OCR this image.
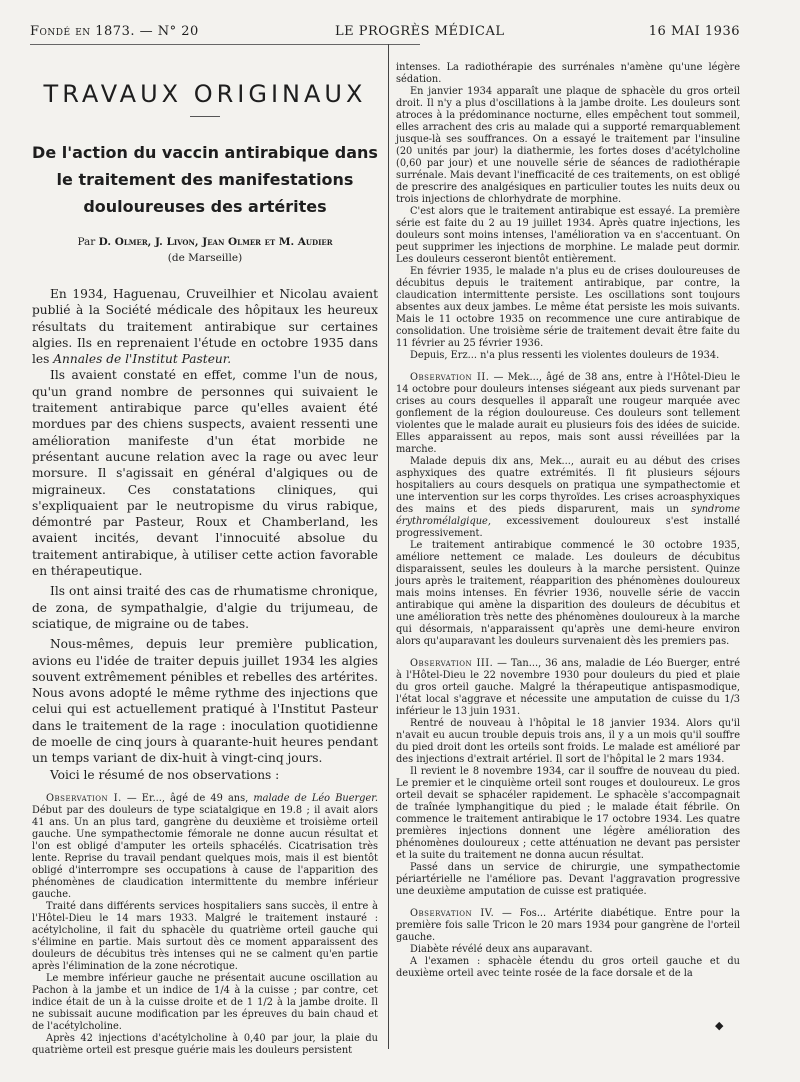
Fondé en 1873. — N° 20	LE PROGRÈS MÉDICAL	16 MAI 1936
TRAVAUX ORIGINAUX
De l'action du vaccin antirabique dans
le traitement des manifestations
douloureuses des artérites
Par D. Olmer, J. Livon, Jean Olmer et M. Audier
(de Marseille)

En 1934, Haguenau, Cruveilhier et Nicolau avaient publié à la Société médicale des hôpitaux les heureux résultats du traitement antirabique sur certaines algies. Ils en reprenaient l'étude en octobre 1935 dans les Annales de l'Institut Pasteur.

Ils avaient constaté en effet, comme l'un de nous, qu'un grand nombre de personnes qui suivaient le traitement antirabique parce qu'elles avaient été mordues par des chiens suspects, avaient ressenti une amélioration manifeste d'un état morbide ne présentant aucune relation avec la rage ou avec leur morsure. Il s'agissait en général d'algiques ou de migraineux. Ces constatations cliniques, qui s'expliquaient par le neutropisme du virus rabique, démontré par Pasteur, Roux et Chamberland, les avaient incités, devant l'innocuité absolue du traitement antirabique, à utiliser cette action favorable en thérapeutique.

Ils ont ainsi traité des cas de rhumatisme chronique, de zona, de sympathalgie, d'algie du trijumeau, de sciatique, de migraine ou de tabes.

Nous-mêmes, depuis leur première publication, avions eu l'idée de traiter depuis juillet 1934 les algies souvent extrêmement pénibles et rebelles des artérites. Nous avons adopté le même rythme des injections que celui qui est actuellement pratiqué à l'Institut Pasteur dans le traitement de la rage : inoculation quotidienne de moelle de cinq jours à quarante-huit heures pendant un temps variant de dix-huit à vingt-cinq jours.

Voici le résumé de nos observations :

Observation I. — Er..., âgé de 49 ans, malade de Léo Buerger. Début par des douleurs de type sciatalgique en 19.8 ; il avait alors 41 ans. Un an plus tard, gangrène du deuxième et troisième orteil gauche. Une sympathectomie fémorale ne donne aucun résultat et l'on est obligé d'amputer les orteils sphacélés. Cicatrisation très lente. Reprise du travail pendant quelques mois, mais il est bientôt obligé d'interrompre ses occupations à cause de l'apparition des phénomènes de claudication intermittente du membre inférieur gauche.

Traité dans différents services hospitaliers sans succès, il entre à l'Hôtel-Dieu le 14 mars 1933. Malgré le traitement instauré : acétylcholine, il fait du sphacèle du quatrième orteil gauche qui s'élimine en partie. Mais surtout dès ce moment apparaissent des douleurs de décubitus très intenses qui ne se calment qu'en partie après l'élimination de la zone nécrotique.

Le membre inférieur gauche ne présentait aucune oscillation au Pachon à la jambe et un indice de 1/4 à la cuisse ; par contre, cet indice était de un à la cuisse droite et de 1 1/2 à la jambe droite. Il ne subissait aucune modification par les épreuves du bain chaud et de l'acétylcholine.

Après 42 injections d'acétylcholine à 0,40 par jour, la plaie du quatrième orteil est presque guérie mais les douleurs persistent

intenses. La radiothérapie des surrénales n'amène qu'une légère sédation.

En janvier 1934 apparaît une plaque de sphacèle du gros orteil droit. Il n'y a plus d'oscillations à la jambe droite. Les douleurs sont atroces à la prédominance nocturne, elles empêchent tout sommeil, elles arrachent des cris au malade qui a supporté remarquablement jusque-là ses souffrances. On a essayé le traitement par l'insuline (20 unités par jour) la diathermie, les fortes doses d'acétylcholine (0,60 par jour) et une nouvelle série de séances de radiothérapie surrénale. Mais devant l'inefficacité de ces traitements, on est obligé de prescrire des analgésiques en particulier toutes les nuits deux ou trois injections de chlorhydrate de morphine.

C'est alors que le traitement antirabique est essayé. La première série est faite du 2 au 19 juillet 1934. Après quatre injections, les douleurs sont moins intenses, l'amélioration va en s'accentuant. On peut supprimer les injections de morphine. Le malade peut dormir. Les douleurs cesseront bientôt entièrement.

En février 1935, le malade n'a plus eu de crises douloureuses de décubitus depuis le traitement antirabique, par contre, la claudication intermittente persiste. Les oscillations sont toujours absentes aux deux jambes. Le même état persiste les mois suivants. Mais le 11 octobre 1935 on recommence une cure antirabique de consolidation. Une troisième série de traitement devait être faite du 11 février au 25 février 1936.

Depuis, Erz... n'a plus ressenti les violentes douleurs de 1934.

Observation II. — Mek..., âgé de 38 ans, entre à l'Hôtel-Dieu le 14 octobre pour douleurs intenses siégeant aux pieds survenant par crises au cours desquelles il apparaît une rougeur marquée avec gonflement de la région douloureuse. Ces douleurs sont tellement violentes que le malade aurait eu plusieurs fois des idées de suicide. Elles apparaissent au repos, mais sont aussi réveillées par la marche.

Malade depuis dix ans, Mek..., aurait eu au début des crises asphyxiques des quatre extrémités. Il fit plusieurs séjours hospitaliers au cours desquels on pratiqua une sympathectomie et une intervention sur les corps thyroïdes. Les crises acroasphyxiques des mains et des pieds disparurent, mais un syndrome érythromélalgique, excessivement douloureux s'est installé progressivement.

Le traitement antirabique commencé le 30 octobre 1935, améliore nettement ce malade. Les douleurs de décubitus disparaissent, seules les douleurs à la marche persistent. Quinze jours après le traitement, réapparition des phénomènes douloureux mais moins intenses. En février 1936, nouvelle série de vaccin antirabique qui amène la disparition des douleurs de décubitus et une amélioration très nette des phénomènes douloureux à la marche qui désormais, n'apparaissent qu'après une demi-heure environ alors qu'auparavant les douleurs survenaient dès les premiers pas.

Observation III. — Tan..., 36 ans, maladie de Léo Buerger, entré à l'Hôtel-Dieu le 22 novembre 1930 pour douleurs du pied et plaie du gros orteil gauche. Malgré la thérapeutique antispasmodique, l'état local s'aggrave et nécessite une amputation de cuisse du 1/3 inférieur le 13 juin 1931.

Rentré de nouveau à l'hôpital le 18 janvier 1934. Alors qu'il n'avait eu aucun trouble depuis trois ans, il y a un mois qu'il souffre du pied droit dont les orteils sont froids. Le malade est amélioré par des injections d'extrait artériel. Il sort de l'hôpital le 2 mars 1934.

Il revient le 8 novembre 1934, car il souffre de nouveau du pied. Le premier et le cinquième orteil sont rouges et douloureux. Le gros orteil devait se sphacéler rapidement. Le sphacèle s'accompagnait de traînée lymphangitique du pied ; le malade était fébrile. On commence le traitement antirabique le 17 octobre 1934. Les quatre premières injections donnent une légère amélioration des phénomènes douloureux ; cette atténuation ne devant pas persister et la suite du traitement ne donna aucun résultat.

Passé dans un service de chirurgie, une sympathectomie périartérielle ne l'améliore pas. Devant l'aggravation progressive une deuxième amputation de cuisse est pratiquée.

Observation IV. — Fos... Artérite diabétique. Entre pour la première fois salle Tricon le 20 mars 1934 pour gangrène de l'orteil gauche.

Diabète révélé deux ans auparavant.

A l'examen : sphacèle étendu du gros orteil gauche et du deuxième orteil avec teinte rosée de la face dorsale et de la

◆
